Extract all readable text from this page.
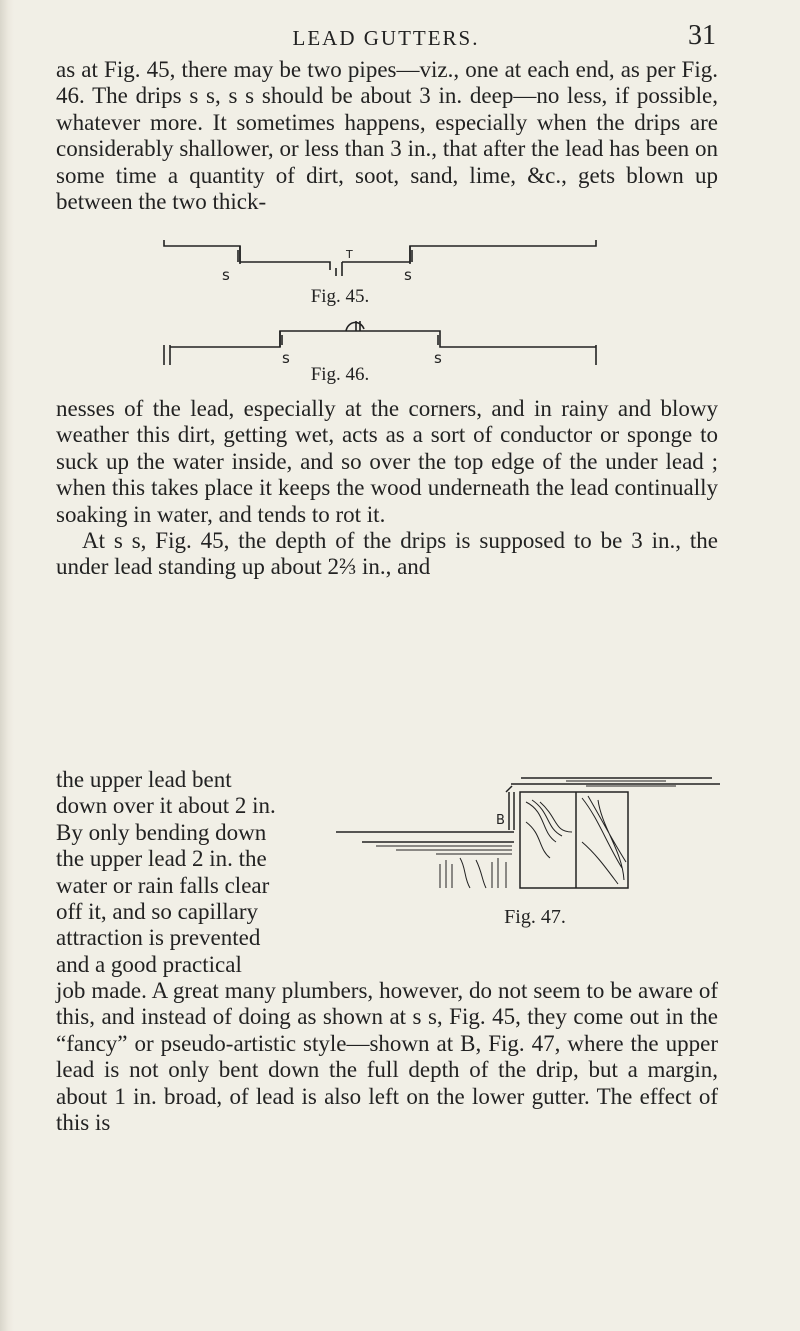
LEAD GUTTERS.	31

as at Fig. 45, there may be two pipes—viz., one at each end, as per Fig. 46. The drips s s, s s should be about 3 in. deep—no less, if possible, whatever more. It sometimes happens, especially when the drips are considerably shallower, or less than 3 in., that after the lead has been on some time a quantity of dirt, soot, sand, lime, &c., gets blown up between the two thick-

s
T
s
Fig. 45.
s	s
Fig. 46.

nesses of the lead, especially at the corners, and in rainy and blowy weather this dirt, getting wet, acts as a sort of conductor or sponge to suck up the water inside, and so over the top edge of the under lead ; when this takes place it keeps the wood underneath the lead continually soaking in water, and tends to rot it.

At s s, Fig. 45, the depth of the drips is supposed to be 3 in., the under lead standing up about 2⅔ in., and

the upper lead bent
down over it about 2 in.
By only bending down
the upper lead 2 in. the
water or rain falls clear
off it, and so capillary
attraction is prevented
and a good practical
B
Fig. 47.

job made. A great many plumbers, however, do not seem to be aware of this, and instead of doing as shown at s s, Fig. 45, they come out in the “fancy” or pseudo-artistic style—shown at B, Fig. 47, where the upper lead is not only bent down the full depth of the drip, but a margin, about 1 in. broad, of lead is also left on the lower gutter. The effect of this is
